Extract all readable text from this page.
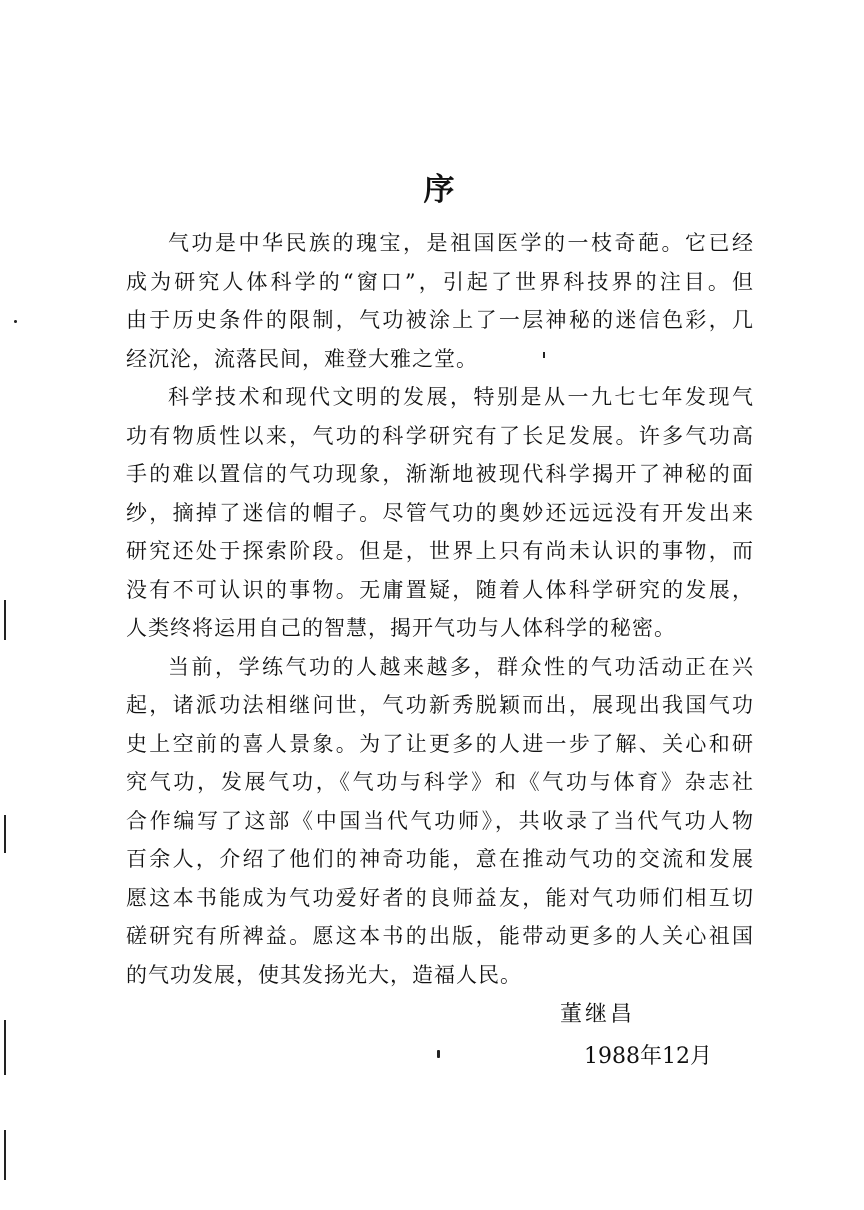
序
气功是中华民族的瑰宝，是祖国医学的一枝奇葩。它已经
成为研究人体科学的“窗口”，引起了世界科技界的注目。但
由于历史条件的限制，气功被涂上了一层神秘的迷信色彩，几
经沉沦，流落民间，难登大雅之堂。
科学技术和现代文明的发展，特别是从一九七七年发现气
功有物质性以来，气功的科学研究有了长足发展。许多气功高
手的难以置信的气功现象，渐渐地被现代科学揭开了神秘的面
纱，摘掉了迷信的帽子。尽管气功的奥妙还远远没有开发出来
研究还处于探索阶段。但是，世界上只有尚未认识的事物，而
没有不可认识的事物。无庸置疑，随着人体科学研究的发展，
人类终将运用自己的智慧，揭开气功与人体科学的秘密。
当前，学练气功的人越来越多，群众性的气功活动正在兴
起，诸派功法相继问世，气功新秀脱颖而出，展现出我国气功
史上空前的喜人景象。为了让更多的人进一步了解、关心和研
究气功，发展气功，《气功与科学》和《气功与体育》杂志社
合作编写了这部《中国当代气功师》，共收录了当代气功人物
百余人，介绍了他们的神奇功能，意在推动气功的交流和发展
愿这本书能成为气功爱好者的良师益友，能对气功师们相互切
磋研究有所裨益。愿这本书的出版，能带动更多的人关心祖国
的气功发展，使其发扬光大，造福人民。
董继昌
1988年12月
